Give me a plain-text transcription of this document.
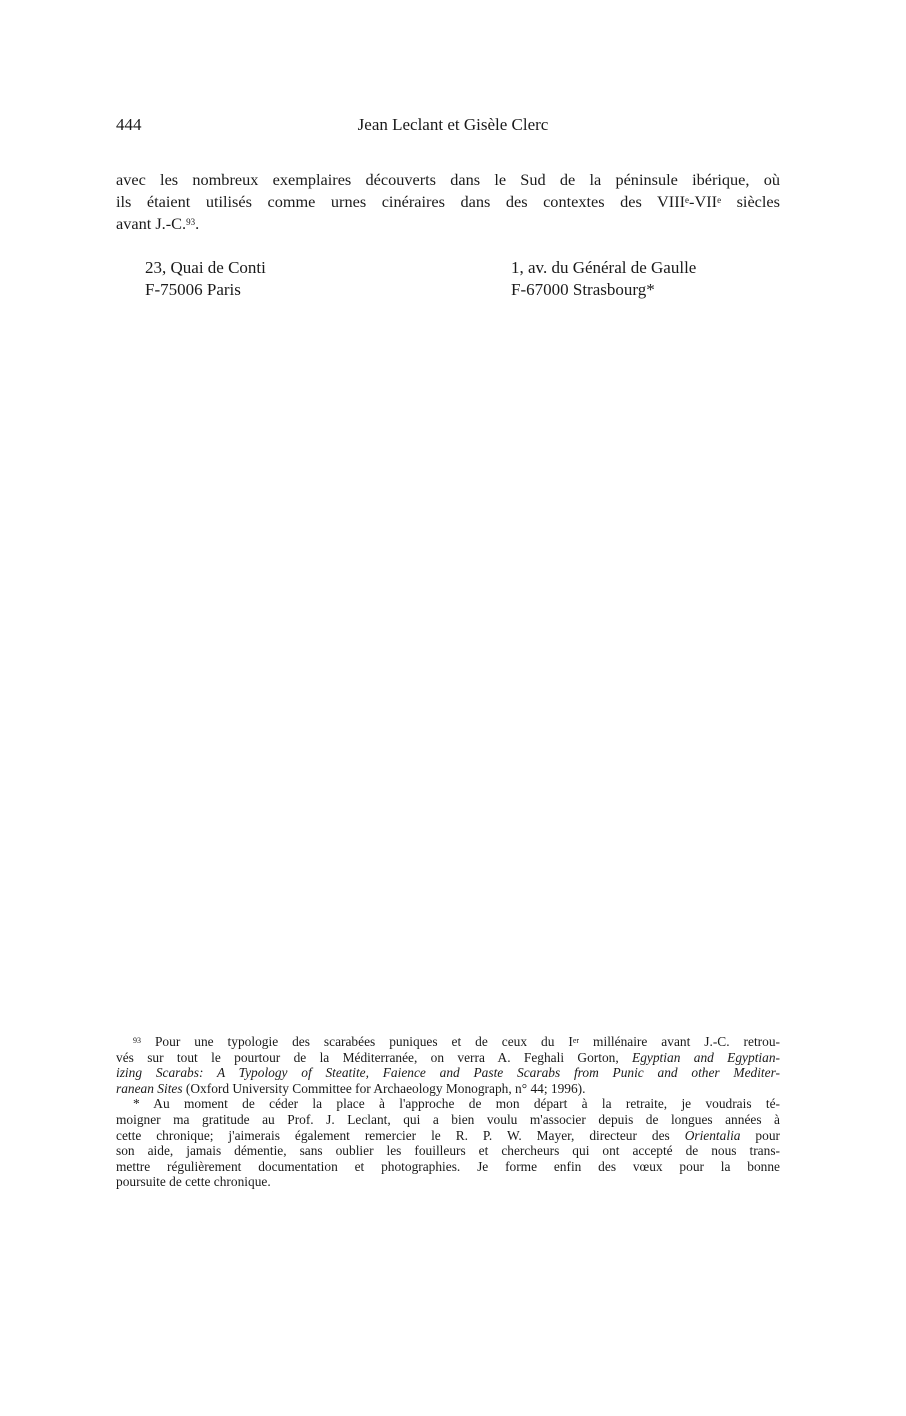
444	Jean Leclant et Gisèle Clerc
avec les nombreux exemplaires découverts dans le Sud de la péninsule ibérique, où
ils étaient utilisés comme urnes cinéraires dans des contextes des VIIIe-VIIe siècles
avant J.-C.$^{93}$.
23, Quai de Conti
F-75006 Paris
1, av. du Général de Gaulle
F-67000 Strasbourg*

$^{93}$ Pour une typologie des scarabées puniques et de ceux du Ier millénaire avant J.-C. retrou-
vés sur tout le pourtour de la Méditerranée, on verra A. Feghali Gorton, Egyptian and Egyptian-
izing Scarabs: A Typology of Steatite, Faience and Paste Scarabs from Punic and other Mediter-
ranean Sites (Oxford University Committee for Archaeology Monograph, n° 44; 1996).

* Au moment de céder la place à l'approche de mon départ à la retraite, je voudrais té-
moigner ma gratitude au Prof. J. Leclant, qui a bien voulu m'associer depuis de longues années à
cette chronique; j'aimerais également remercier le R. P. W. Mayer, directeur des Orientalia pour
son aide, jamais démentie, sans oublier les fouilleurs et chercheurs qui ont accepté de nous trans-
mettre régulièrement documentation et photographies. Je forme enfin des vœux pour la bonne
poursuite de cette chronique.
